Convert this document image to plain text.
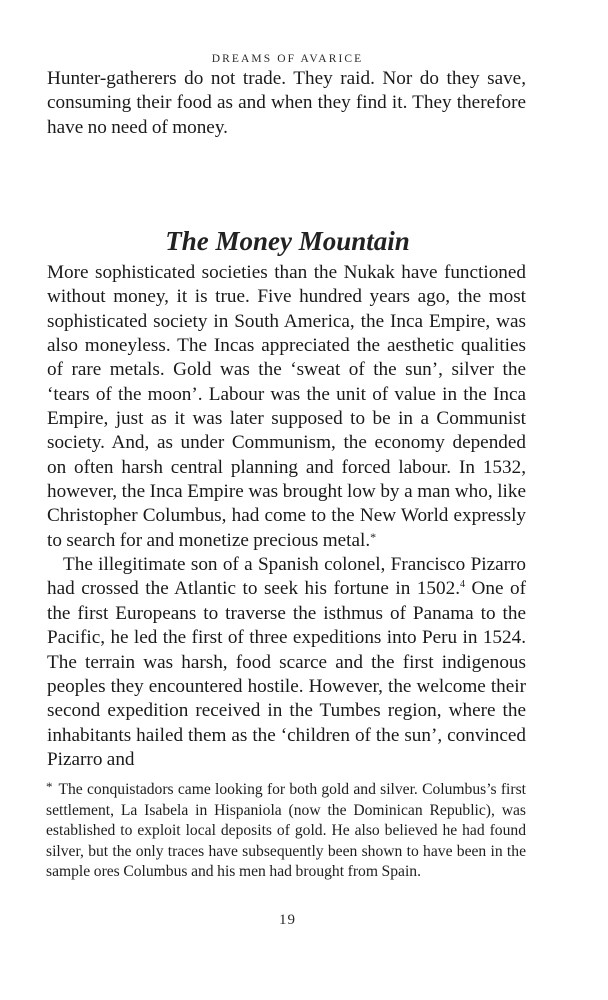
DREAMS OF AVARICE

Hunter-gatherers do not trade. They raid. Nor do they save, consuming their food as and when they find it. They therefore have no need of money.

The Money Mountain

More sophisticated societies than the Nukak have functioned without money, it is true. Five hundred years ago, the most sophisticated society in South America, the Inca Empire, was also moneyless. The Incas appreciated the aesthetic qualities of rare metals. Gold was the ‘sweat of the sun’, silver the ‘tears of the moon’. Labour was the unit of value in the Inca Empire, just as it was later supposed to be in a Communist society. And, as under Communism, the economy depended on often harsh central planning and forced labour. In 1532, however, the Inca Empire was brought low by a man who, like Christopher Columbus, had come to the New World expressly to search for and monetize precious metal.*

The illegitimate son of a Spanish colonel, Francisco Pizarro had crossed the Atlantic to seek his fortune in 1502.$^4$ One of the first Europeans to traverse the isthmus of Panama to the Pacific, he led the first of three expeditions into Peru in 1524. The terrain was harsh, food scarce and the first indigenous peoples they encountered hostile. However, the welcome their second expedition received in the Tumbes region, where the inhabitants hailed them as the ‘children of the sun’, convinced Pizarro and

* The conquistadors came looking for both gold and silver. Columbus’s first settlement, La Isabela in Hispaniola (now the Dominican Republic), was established to exploit local deposits of gold. He also believed he had found silver, but the only traces have subsequently been shown to have been in the sample ores Columbus and his men had brought from Spain.

19
